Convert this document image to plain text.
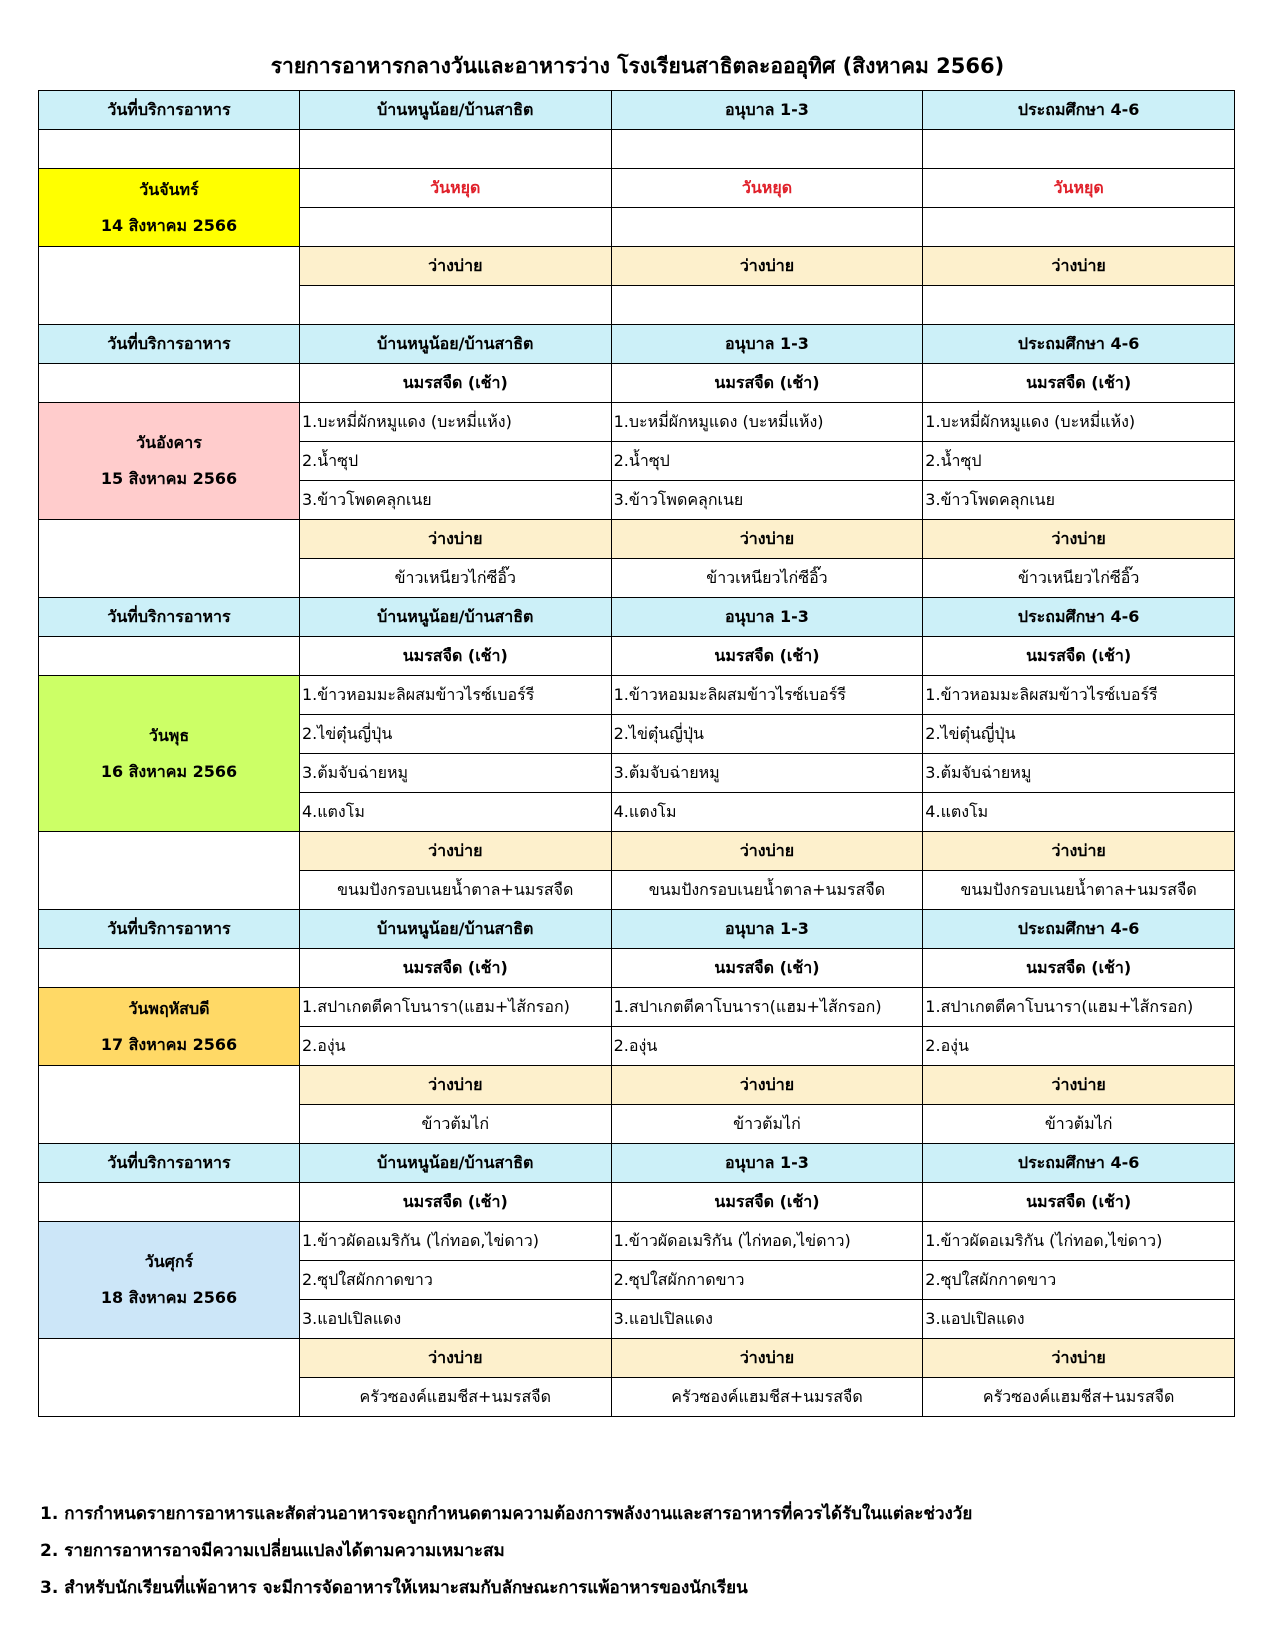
รายการอาหารกลางวันและอาหารว่าง โรงเรียนสาธิตละอออุทิศ (สิงหาคม 2566)
วันที่บริการอาหาร	บ้านหนูน้อย/บ้านสาธิต	อนุบาล 1-3	ประถมศึกษา 4-6

วันจันทร์
14 สิงหาคม 2566	วันหยุด	วันหยุด	วันหยุด

	ว่างบ่าย	ว่างบ่าย	ว่างบ่าย

วันที่บริการอาหาร	บ้านหนูน้อย/บ้านสาธิต	อนุบาล 1-3	ประถมศึกษา 4-6
	นมรสจืด (เช้า)	นมรสจืด (เช้า)	นมรสจืด (เช้า)

วันอังคาร
15 สิงหาคม 2566	1.บะหมี่ผักหมูแดง (บะหมี่แห้ง)	1.บะหมี่ผักหมูแดง (บะหมี่แห้ง)	1.บะหมี่ผักหมูแดง (บะหมี่แห้ง)
	2.น้ำซุป	2.น้ำซุป	2.น้ำซุป
	3.ข้าวโพดคลุกเนย	3.ข้าวโพดคลุกเนย	3.ข้าวโพดคลุกเนย
	ว่างบ่าย	ว่างบ่าย	ว่างบ่าย
	ข้าวเหนียวไก่ซีอิ๊ว	ข้าวเหนียวไก่ซีอิ๊ว	ข้าวเหนียวไก่ซีอิ๊ว
วันที่บริการอาหาร	บ้านหนูน้อย/บ้านสาธิต	อนุบาล 1-3	ประถมศึกษา 4-6
	นมรสจืด (เช้า)	นมรสจืด (เช้า)	นมรสจืด (เช้า)

วันพุธ
16 สิงหาคม 2566	1.ข้าวหอมมะลิผสมข้าวไรซ์เบอร์รี	1.ข้าวหอมมะลิผสมข้าวไรซ์เบอร์รี	1.ข้าวหอมมะลิผสมข้าวไรซ์เบอร์รี
	2.ไข่ตุ๋นญี่ปุ่น	2.ไข่ตุ๋นญี่ปุ่น	2.ไข่ตุ๋นญี่ปุ่น
	3.ต้มจับฉ่ายหมู	3.ต้มจับฉ่ายหมู	3.ต้มจับฉ่ายหมู
	4.แตงโม	4.แตงโม	4.แตงโม
	ว่างบ่าย	ว่างบ่าย	ว่างบ่าย
	ขนมปังกรอบเนยน้ำตาล+นมรสจืด	ขนมปังกรอบเนยน้ำตาล+นมรสจืด	ขนมปังกรอบเนยน้ำตาล+นมรสจืด
วันที่บริการอาหาร	บ้านหนูน้อย/บ้านสาธิต	อนุบาล 1-3	ประถมศึกษา 4-6
	นมรสจืด (เช้า)	นมรสจืด (เช้า)	นมรสจืด (เช้า)

วันพฤหัสบดี
17 สิงหาคม 2566	1.สปาเกตตีคาโบนารา(แฮม+ไส้กรอก)	1.สปาเกตตีคาโบนารา(แฮม+ไส้กรอก)	1.สปาเกตตีคาโบนารา(แฮม+ไส้กรอก)
	2.องุ่น	2.องุ่น	2.องุ่น
	ว่างบ่าย	ว่างบ่าย	ว่างบ่าย
	ข้าวต้มไก่	ข้าวต้มไก่	ข้าวต้มไก่
วันที่บริการอาหาร	บ้านหนูน้อย/บ้านสาธิต	อนุบาล 1-3	ประถมศึกษา 4-6
	นมรสจืด (เช้า)	นมรสจืด (เช้า)	นมรสจืด (เช้า)

วันศุกร์
18 สิงหาคม 2566	1.ข้าวผัดอเมริกัน (ไก่ทอด,ไข่ดาว)	1.ข้าวผัดอเมริกัน (ไก่ทอด,ไข่ดาว)	1.ข้าวผัดอเมริกัน (ไก่ทอด,ไข่ดาว)
	2.ซุปใสผักกาดขาว	2.ซุปใสผักกาดขาว	2.ซุปใสผักกาดขาว
	3.แอปเปิลแดง	3.แอปเปิลแดง	3.แอปเปิลแดง
	ว่างบ่าย	ว่างบ่าย	ว่างบ่าย
	ครัวซองค์แฮมชีส+นมรสจืด	ครัวซองค์แฮมชีส+นมรสจืด	ครัวซองค์แฮมชีส+นมรสจืด
1. การกำหนดรายการอาหารและสัดส่วนอาหารจะถูกกำหนดตามความต้องการพลังงานและสารอาหารที่ควรได้รับในแต่ละช่วงวัย
2. รายการอาหารอาจมีความเปลี่ยนแปลงได้ตามความเหมาะสม
3. สำหรับนักเรียนที่แพ้อาหาร จะมีการจัดอาหารให้เหมาะสมกับลักษณะการแพ้อาหารของนักเรียน
